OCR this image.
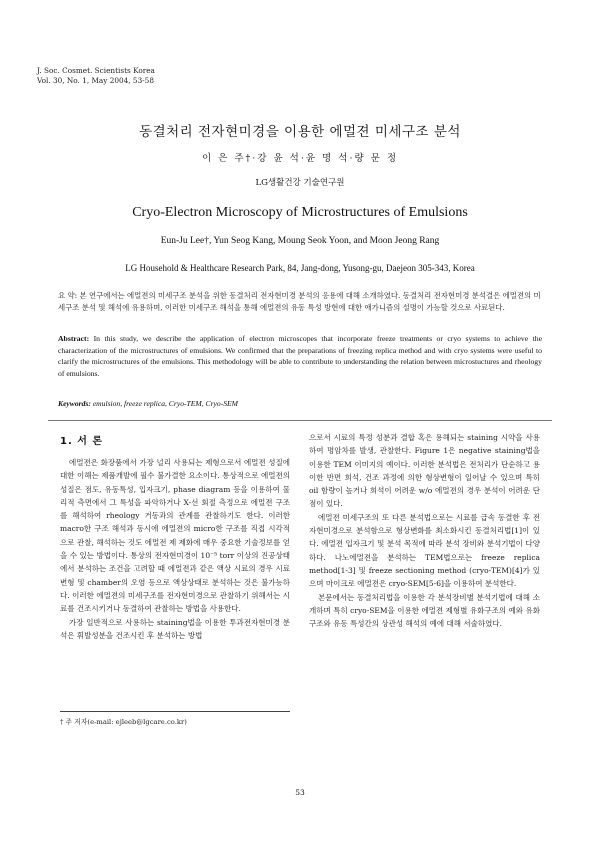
J. Soc. Cosmet. Scientists Korea
Vol. 30, No. 1, May 2004, 53-58
동결처리 전자현미경을 이용한 에멀젼 미세구조 분석
이 은 주†·강 윤 석·윤 명 석·량 문 정
LG생활건강 기술연구원
Cryo-Electron Microscopy of Microstructures of Emulsions
Eun-Ju Lee†, Yun Seog Kang, Moung Seok Yoon, and Moon Jeong Rang
LG Household & Healthcare Research Park, 84, Jang-dong, Yusong-gu, Daejeon 305-343, Korea
요 약: 본 연구에서는 에멀젼의 미세구조 분석을 위한 동결처리 전자현미경 분석의 응용에 대해 소개하였다. 동결처리 전자현미경 분석결은 에멀젼의 미세구조 분석 및 해석에 유용하며, 이러한 미세구조 해석을 통해 에멀젼의 유동 특성 방현에 대한 애가니즘의 설명이 가능할 것으로 사료된다.
Abstract: In this study, we describe the application of electron microscopes that incorporate freeze treatments or cryo systems to achieve the characterization of the microstructures of emulsions. We confirmed that the preparations of freezing replica method and with cryo systems were useful to clarify the microstructures of the emulsions. This methodology will be able to contribute to understanding the relation between microstuctures and rheology of emulsions.
Keywords: emulsion, freeze replica, Cryo-TEM, Cryo-SEM
1. 서 론

에멀젼은 화장품에서 가장 널리 사용되는 제형으로서 에멀젼 성질에 대한 이해는 제품개발에 필수 불가결한 요소이다. 통상적으로 에멀젼의 성질은 점도, 유동특성, 입자크기, phase diagram 등을 이용하여 물리적 측면에서 그 특성을 파악하거나 X-선 회절 측정으로 에멀젼 구조를 해석하여 rheology 거동과의 관계를 관찰하기도 한다. 이러한 macro한 구조 해석과 동시에 에멀젼의 micro한 구조를 직접 시각적으로 관찰, 해석하는 것도 에멀전 제 제화에 매우 중요한 기술정보를 얻을 수 있는 방법이다. 통상의 전자현미경이 10⁻⁵ torr 이상의 진공상태에서 분석하는 조건을 고려할 때 에멀젼과 같은 액상 시료의 경우 시료 변형 및 chamber의 오염 등으로 액상상태로 분석하는 것은 불가능하다. 이러한 에멀젼의 미세구조를 전자현미경으로 관찰하기 위해서는 시료를 건조시키거나 동결하여 관찰하는 방법을 사용한다.

가장 일반적으로 사용하는 staining법을 이용한 투과전자현미경 분석은 휘발성분을 건조시킨 후 분석하는 방법

으로서 시료의 특정 성분과 결합 혹은 용해되는 staining 시약을 사용하여 명암차를 발생, 관찰한다. Figure 1은 negative staining법을 이용한 TEM 이미지의 예이다. 이러한 분석법은 전처리가 단순하고 용이한 반면 희석, 건조 과정에 의한 형상변형이 일어날 수 있으며 특히 oil 함량이 높거나 희석이 어려운 w/o 에멀젼의 경우 분석이 어려운 단점이 있다.

에멀젼 미세구조의 또 다른 분석법으로는 시료를 급속 동결한 후 전자현미경으로 분석함으로 형상변화를 최소화시킨 동결처리법[1]이 있다. 에멀젼 입자크기 및 분석 목적에 따라 분석 장비와 분석기법이 다양하다. 나노에멀젼을 분석하는 TEM법으로는 freeze replica method[1-3] 및 freeze sectioning method (cryo-TEM)[4]가 있으며 마이크로 에멀젼은 cryo-SEM[5-6]을 이용하여 분석한다.

본문에서는 동결처리법을 이용한 각 분석장비별 분석기법에 대해 소개하며 특히 cryo-SEM을 이용한 에멀젼 제형별 유화구조의 예와 유화구조와 유동 특성간의 상관성 해석의 예에 대해 서술하였다.

† 주 저자(e-mail: ejleeb@lgcare.co.kr)
53
